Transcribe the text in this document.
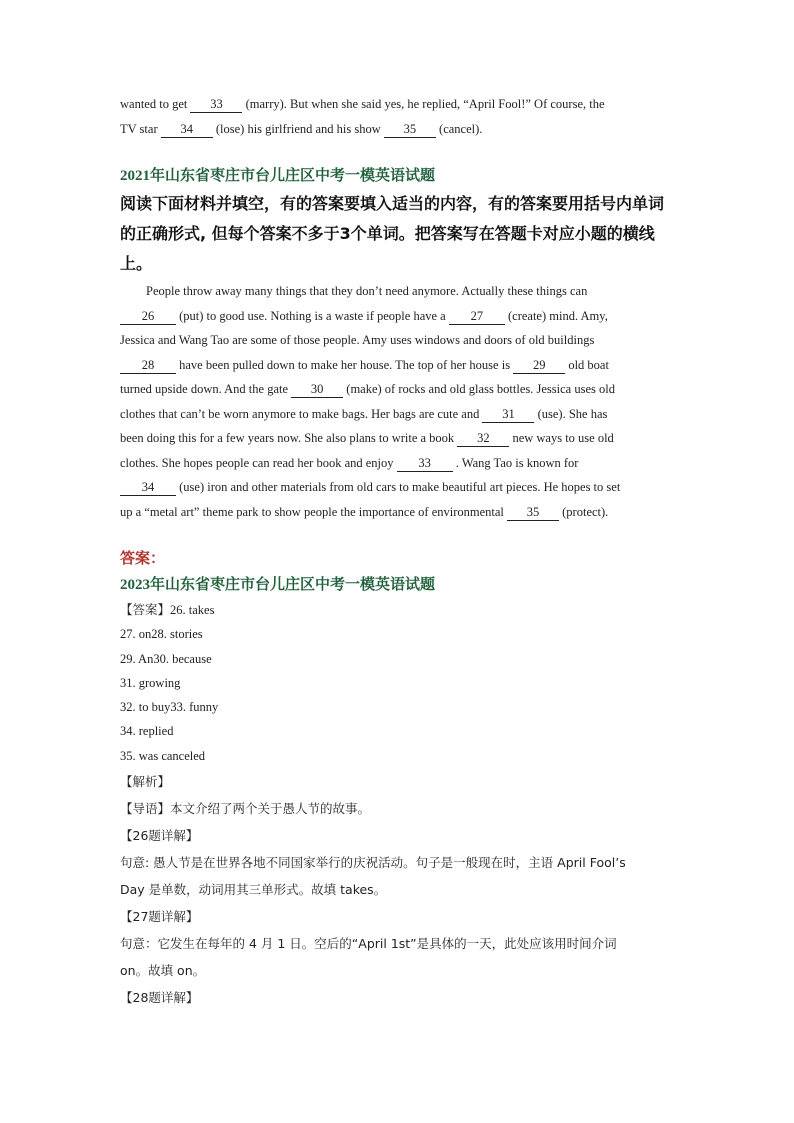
wanted to get 33 (marry). But when she said yes, he replied, “April Fool!” Of course, the

TV star 34 (lose) his girlfriend and his show 35 (cancel).

2021年山东省枣庄市台儿庄区中考一模英语试题

阅读下面材料并填空，有的答案要填入适当的内容，有的答案要用括号内单词

的正确形式, 但每个答案不多于3个单词。把答案写在答题卡对应小题的横线上。

People throw away many things that they don’t need anymore. Actually these things can

26 (put) to good use. Nothing is a waste if people have a 27 (create) mind. Amy,

Jessica and Wang Tao are some of those people. Amy uses windows and doors of old buildings

28 have been pulled down to make her house. The top of her house is 29 old boat

turned upside down. And the gate 30 (make) of rocks and old glass bottles. Jessica uses old

clothes that can’t be worn anymore to make bags. Her bags are cute and 31 (use). She has

been doing this for a few years now. She also plans to write a book 32 new ways to use old

clothes. She hopes people can read her book and enjoy 33 . Wang Tao is known for

34 (use) iron and other materials from old cars to make beautiful art pieces. He hopes to set

up a “metal art” theme park to show people the importance of environmental 35 (protect).

答案：

2023年山东省枣庄市台儿庄区中考一模英语试题

【答案】26. takes

27. on28. stories

29. An30. because

31. growing

32. to buy33. funny

34. replied

35. was canceled

【解析】

【导语】本文介绍了两个关于愚人节的故事。

【26题详解】

句意: 愚人节是在世界各地不同国家举行的庆祝活动。句子是一般现在时，主语 April Fool’s

Day 是单数，动词用其三单形式。故填 takes。

【27题详解】

句意：它发生在每年的 4 月 1 日。空后的“April 1st”是具体的一天，此处应该用时间介词

on。故填 on。

【28题详解】
